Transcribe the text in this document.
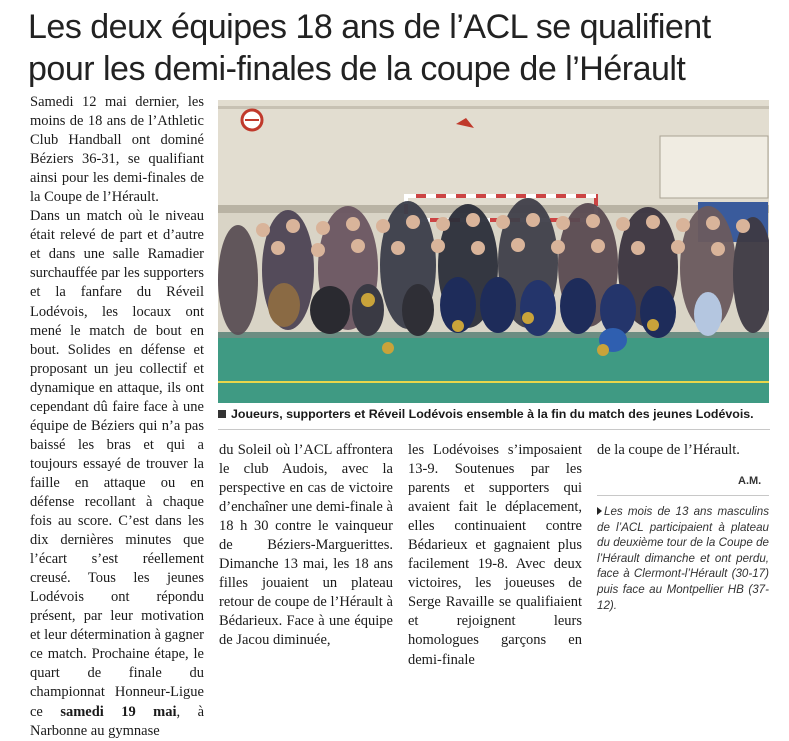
Les deux équipes 18 ans de l’ACL se qualifient
pour les demi-finales de la coupe de l’Hérault

Samedi 12 mai dernier, les moins de 18 ans de l’Athletic Club Handball ont dominé Béziers 36-31, se qualifiant ainsi pour les demi-finales de la Coupe de l’Hérault.

Dans un match où le niveau était relevé de part et d’autre et dans une salle Ramadier surchauffée par les supporters et la fanfare du Réveil Lodévois, les locaux ont mené le match de bout en bout. Solides en défense et proposant un jeu collectif et dynamique en attaque, ils ont cependant dû faire face à une équipe de Béziers qui n’a pas baissé les bras et qui a toujours essayé de trouver la faille en attaque ou en défense recollant à chaque fois au score. C’est dans les dix dernières minutes que l’écart s’est réellement creusé. Tous les jeunes Lodévois ont répondu présent, par leur motivation et leur détermination à gagner ce match. Prochaine étape, le quart de finale du championnat Honneur-Ligue ce samedi 19 mai, à Narbonne au gymnase

Joueurs, supporters et Réveil Lodévois ensemble à la fin du match des jeunes Lodévois.

du Soleil où l’ACL affrontera le club Audois, avec la perspective en cas de victoire d’enchaîner une demi-finale à 18 h 30 contre le vainqueur de Béziers-Marguerittes. Dimanche 13 mai, les 18 ans filles jouaient un plateau retour de coupe de l’Hérault à Bédarieux. Face à une équipe de Jacou diminuée,

les Lodévoises s’imposaient 13-9. Soutenues par les parents et supporters qui avaient fait le déplacement, elles continuaient contre Bédarieux et gagnaient plus facilement 19-8. Avec deux victoires, les joueuses de Serge Ravaille se qualifiaient et rejoignent leurs homologues garçons en demi-finale

de la coupe de l’Hérault.

A.M.
Les mois de 13 ans masculins de l’ACL participaient à plateau du deuxième tour de la Coupe de l’Hérault dimanche et ont perdu, face à Clermont-l’Hérault (30-17) puis face au Montpellier HB (37-12).
